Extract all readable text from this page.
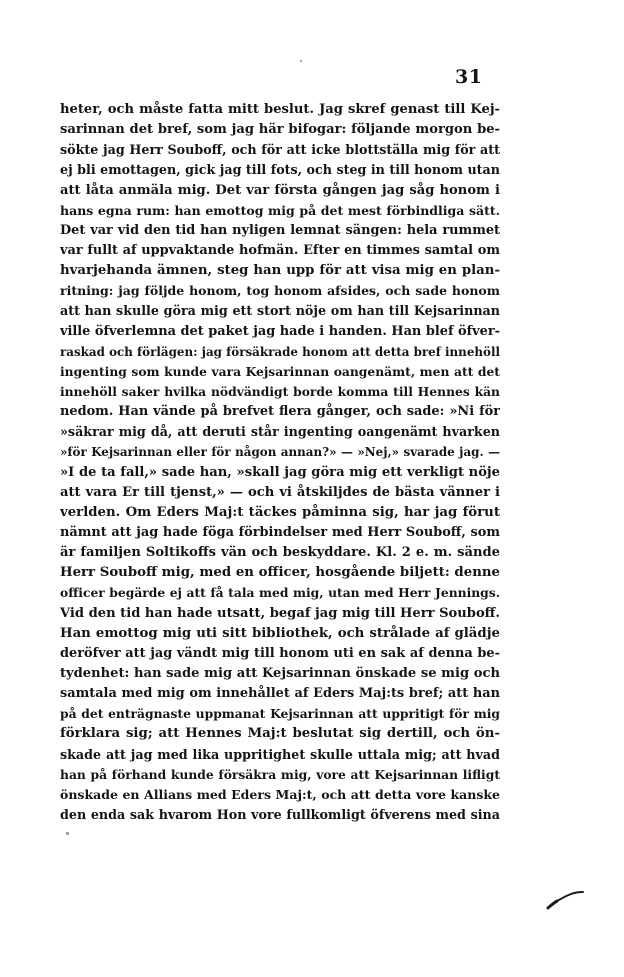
31
heter, och måste fatta mitt beslut. Jag skref genast till Kej-
sarinnan det bref, som jag här bifogar: följande morgon be-
sökte jag Herr Souboff, och för att icke blottställa mig för att
ej bli emottagen, gick jag till fots, och steg in till honom utan
att låta anmäla mig. Det var första gången jag såg honom i
hans egna rum: han emottog mig på det mest förbindliga sätt.
Det var vid den tid han nyligen lemnat sängen: hela rummet
var fullt af uppvaktande hofmän. Efter en timmes samtal om
hvarjehanda ämnen, steg han upp för att visa mig en plan-
ritning: jag följde honom, tog honom afsides, och sade honom
att han skulle göra mig ett stort nöje om han till Kejsarinnan
ville öfverlemna det paket jag hade i handen. Han blef öfver-
raskad och förlägen: jag försäkrade honom att detta bref innehöll
ingenting som kunde vara Kejsarinnan oangenämt, men att det
innehöll saker hvilka nödvändigt borde komma till Hennes kän
nedom. Han vände på brefvet flera gånger, och sade: »Ni för
»säkrar mig då, att deruti står ingenting oangenämt hvarken
»för Kejsarinnan eller för någon annan?» — »Nej,» svarade jag. —
»I de ta fall,» sade han, »skall jag göra mig ett verkligt nöje
att vara Er till tjenst,» — och vi åtskiljdes de bästa vänner i
verlden. Om Eders Maj:t täckes påminna sig, har jag förut
nämnt att jag hade föga förbindelser med Herr Souboff, som
är familjen Soltikoffs vän och beskyddare. Kl. 2 e. m. sände
Herr Souboff mig, med en officer, hosgående biljett: denne
officer begärde ej att få tala med mig, utan med Herr Jennings.
Vid den tid han hade utsatt, begaf jag mig till Herr Souboff.
Han emottog mig uti sitt bibliothek, och strålade af glädje
deröfver att jag vändt mig till honom uti en sak af denna be-
tydenhet: han sade mig att Kejsarinnan önskade se mig och
samtala med mig om innehållet af Eders Maj:ts bref; att han
på det enträgnaste uppmanat Kejsarinnan att uppritigt för mig
förklara sig; att Hennes Maj:t beslutat sig dertill, och ön-
skade att jag med lika uppritighet skulle uttala mig; att hvad
han på förhand kunde försäkra mig, vore att Kejsarinnan lifligt
önskade en Allians med Eders Maj:t, och att detta vore kanske
den enda sak hvarom Hon vore fullkomligt öfverens med sina
